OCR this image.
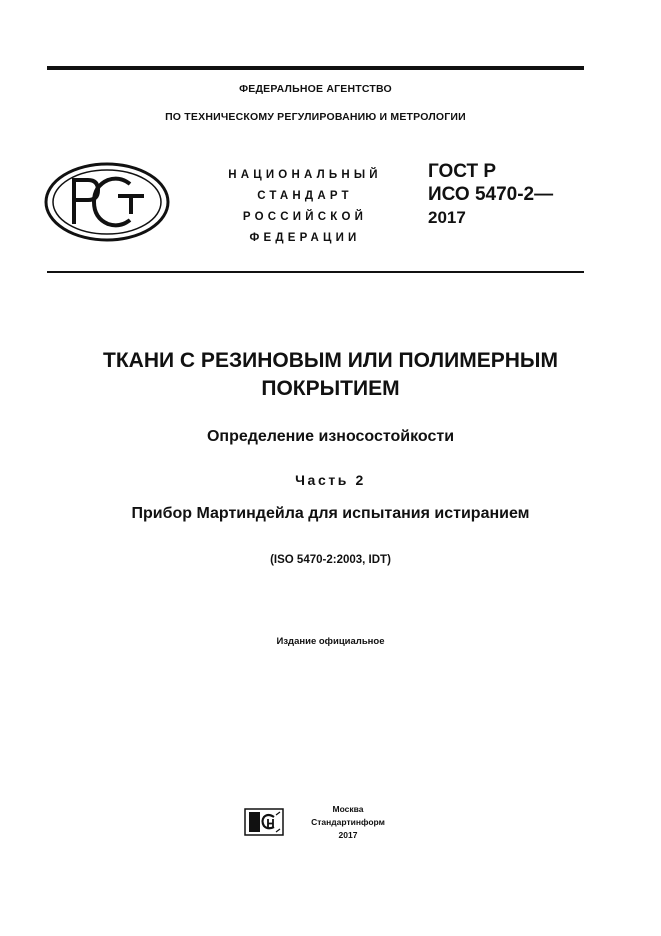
ФЕДЕРАЛЬНОЕ АГЕНТСТВО
ПО ТЕХНИЧЕСКОМУ РЕГУЛИРОВАНИЮ И МЕТРОЛОГИИ
НАЦИОНАЛЬНЫЙ
СТАНДАРТ
РОССИЙСКОЙ
ФЕДЕРАЦИИ
ГОСТ Р
ИСО 5470-2—
2017
ТКАНИ С РЕЗИНОВЫМ ИЛИ ПОЛИМЕРНЫМ
ПОКРЫТИЕМ
Определение износостойкости
Часть 2
Прибор Мартиндейла для испытания истиранием
(ISO 5470-2:2003, IDT)
Издание официальное
Москва
Стандартинформ
2017
